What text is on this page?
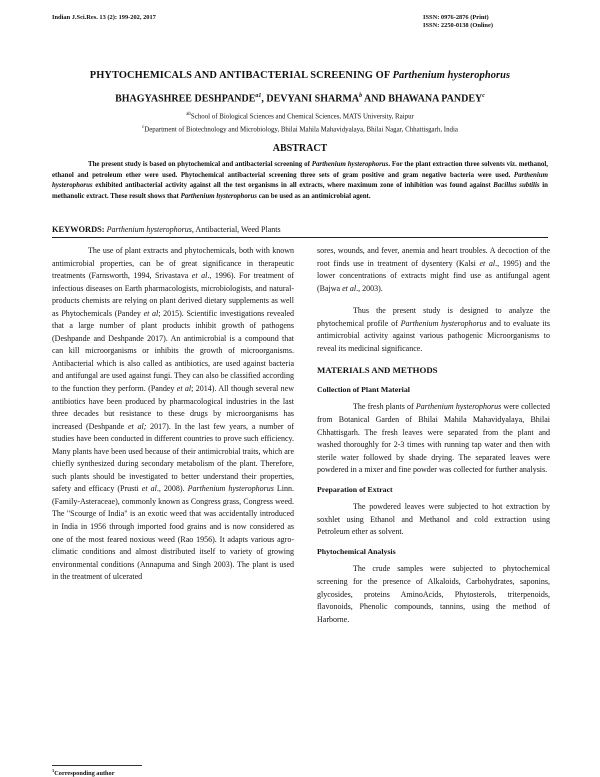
Indian J.Sci.Res. 13 (2): 199-202, 2017	ISSN: 0976-2876 (Print)
ISSN: 2250-0138 (Online)
PHYTOCHEMICALS AND ANTIBACTERIAL SCREENING OF Parthenium hysterophorus
BHAGYASHREE $DESHPANDE^{a1}$, DEVYANI SHARMA$^b$ AND BHAWANA PANDEY$^c$
$^{ab}$School of Biological Sciences and Chemical Sciences, MATS University, Raipur
$^c$Department of Biotechnology and Microbiology, Bhilai Mahila Mahavidyalaya, Bhilai Nagar, Chhattisgarh, India
ABSTRACT
The present study is based on phytochemical and antibacterial screening of Parthenium hysterophorus. For the plant extraction three solvents viz. methanol, ethanol and petroleum ether were used. Phytochemical antibacterial screening three sets of gram positive and gram negative bacteria were used. Parthenium hysterophorus exhibited antibacterial activity against all the test organisms in all extracts, where maximum zone of inhibition was found against Bacillus subtilis in methanolic extract. These result shows that Parthenium hysterophorus can be used as an antimicrobial agent.
KEYWORDS: Parthenium hysterophorus, Antibacterial, Weed Plants

The use of plant extracts and phytochemicals, both with known antimicrobial properties, can be of great significance in therapeutic treatments (Farnsworth, 1994, Srivastava et al., 1996). For treatment of infectious diseases on Earth pharmacologists, microbiologists, and natural-products chemists are relying on plant derived dietary supplements as well as Phytochemicals (Pandey et al; 2015). Scientific investigations revealed that a large number of plant products inhibit growth of pathogens (Deshpande and Deshpande 2017). An antimicrobial is a compound that can kill microorganisms or inhibits the growth of microorganisms. Antibacterial which is also called as antibiotics, are used against bacteria and antifungal are used against fungi. They can also be classified according to the function they perform. (Pandey et al; 2014). All though several new antibiotics have been produced by pharmacological industries in the last three decades but resistance to these drugs by microorganisms has increased (Deshpande et al; 2017). In the last few years, a number of studies have been conducted in different countries to prove such efficiency. Many plants have been used because of their antimicrobial traits, which are chiefly synthesized during secondary metabolism of the plant. Therefore, such plants should be investigated to better understand their properties, safety and efficacy (Prusti et al., 2008). Parthenium hysterophorus Linn. (Family-Asteraceae), commonly known as Congress grass, Congress weed. The "Scourge of India" is an exotic weed that was accidentally introduced in India in 1956 through imported food grains and is now considered as one of the most feared noxious weed (Rao 1956). It adapts various agro-climatic conditions and almost distributed itself to variety of growing environmental conditions (Annapuma and Singh 2003). The plant is used in the treatment of ulcerated

sores, wounds, and fever, anemia and heart troubles. A decoction of the root finds use in treatment of dysentery (Kalsi et al., 1995) and the lower concentrations of extracts might find use as antifungal agent (Bajwa et al., 2003).

Thus the present study is designed to analyze the phytochemical profile of Parthenium hysterophorus and to evaluate its antimicrobial activity against various pathogenic Microorganisms to reveal its medicinal significance.

MATERIALS AND METHODS
Collection of Plant Material

The fresh plants of Parthenium hysterophorus were collected from Botanical Garden of Bhilai Mahila Mahavidyalaya, Bhilai Chhattisgarh. The fresh leaves were separated from the plant and washed thoroughly for 2-3 times with running tap water and then with sterile water followed by shade drying. The separated leaves were powdered in a mixer and fine powder was collected for further analysis.

Preparation of Extract

The powdered leaves were subjected to hot extraction by soxhlet using Ethanol and Methanol and cold extraction using Petroleum ether as solvent.

Phytochemical Analysis

The crude samples were subjected to phytochemical screening for the presence of Alkaloids, Carbohydrates, saponins, glycosides, proteins AminoAcids, Phytosterols, triterpenoids, flavonoids, Phenolic compounds, tannins, using the method of Harborne.

$^1$Corresponding author
